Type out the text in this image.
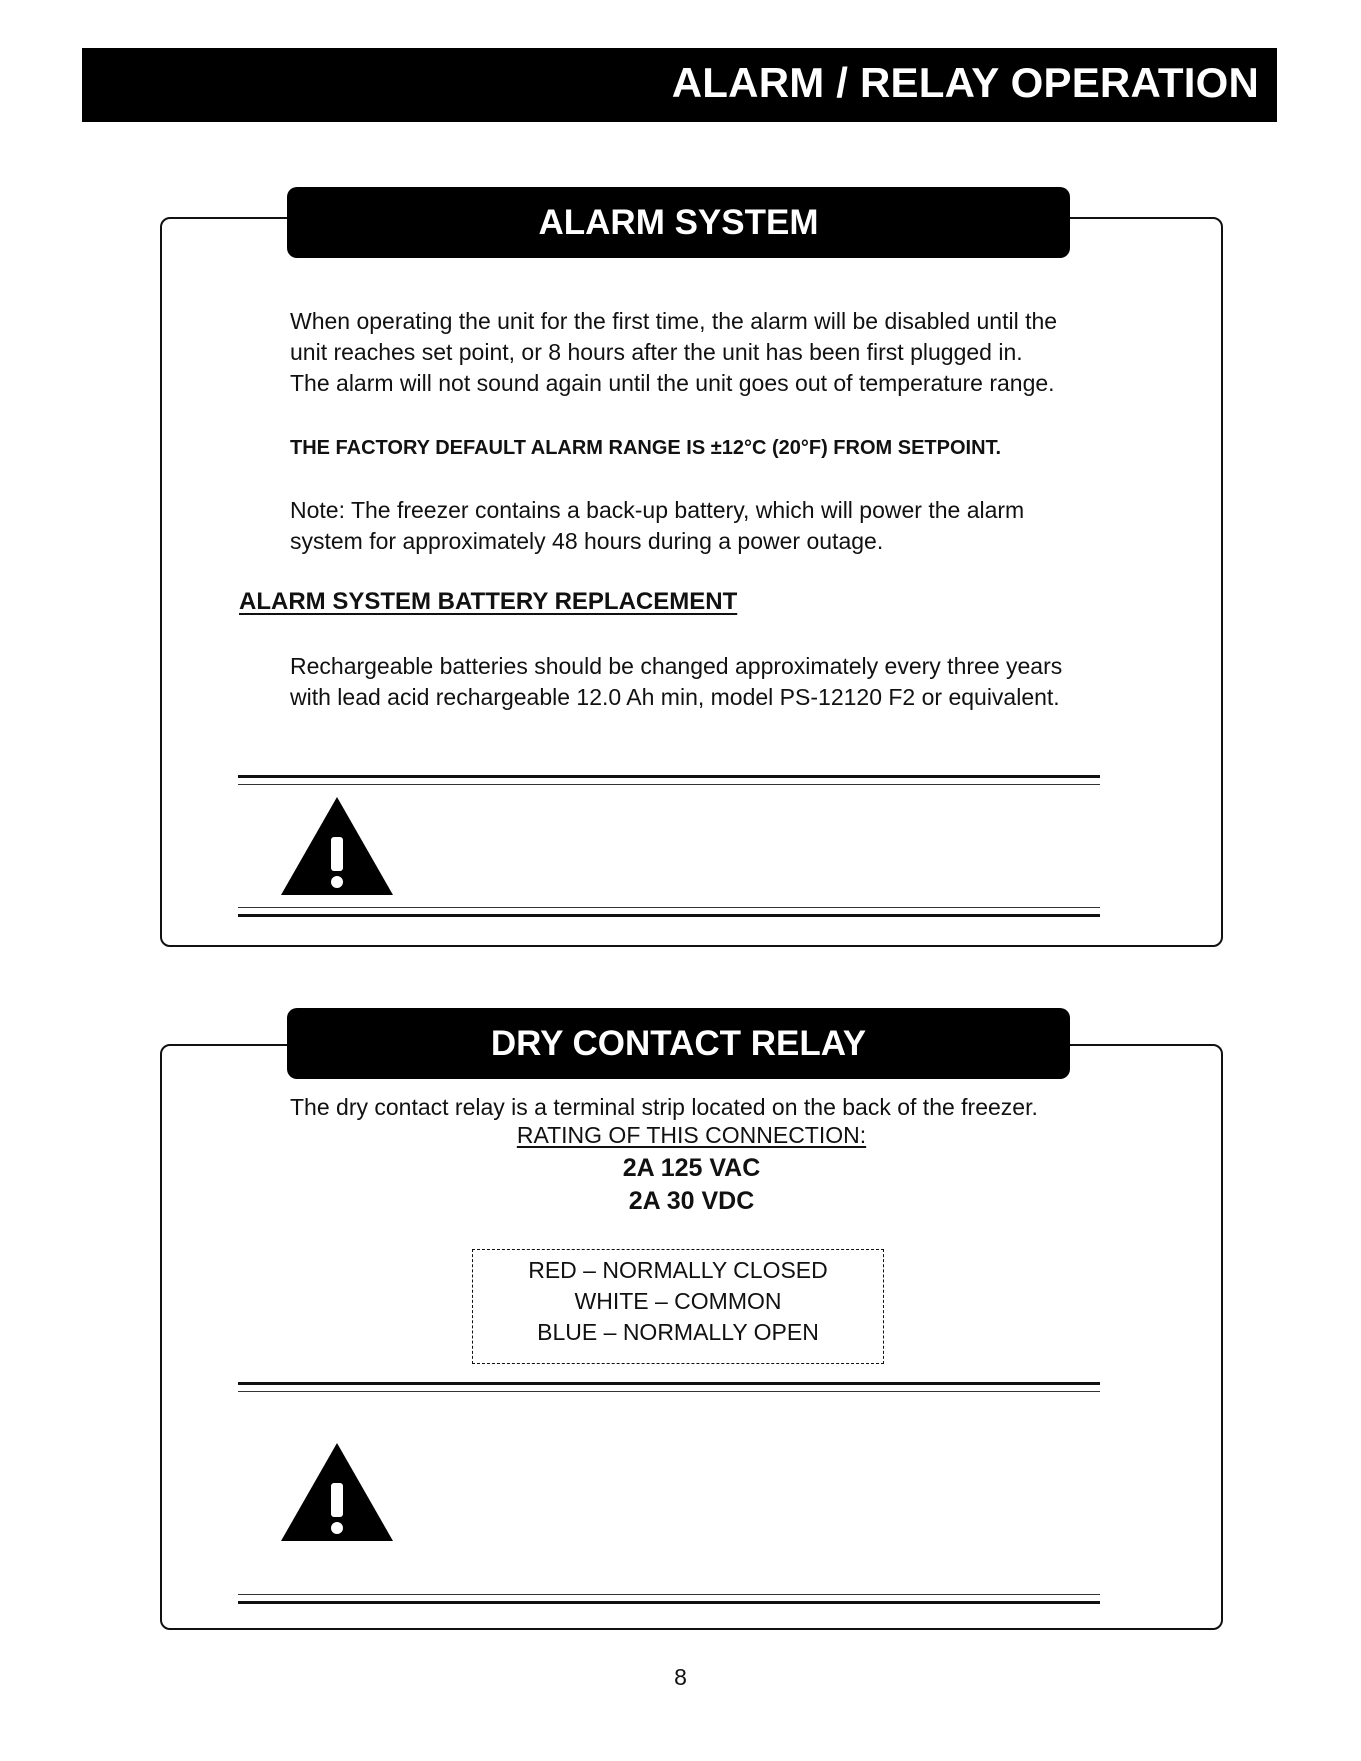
ALARM / RELAY OPERATION
ALARM SYSTEM
When operating the unit for the first time, the alarm will be disabled until the
unit reaches set point, or 8 hours after the unit has been first plugged in.
The alarm will not sound again until the unit goes out of temperature range.
THE FACTORY DEFAULT ALARM RANGE IS ±12°C (20°F) FROM SETPOINT.
Note: The freezer contains a back-up battery, which will power the alarm
system for approximately 48 hours during a power outage.
ALARM SYSTEM BATTERY REPLACEMENT
Rechargeable batteries should be changed approximately every three years
with lead acid rechargeable 12.0 Ah min, model PS-12120 F2 or equivalent.
DRY CONTACT RELAY
The dry contact relay is a terminal strip located on the back of the freezer.
RATING OF THIS CONNECTION:
2A 125 VAC
2A 30 VDC
RED – NORMALLY CLOSED
WHITE – COMMON
BLUE – NORMALLY OPEN
8
